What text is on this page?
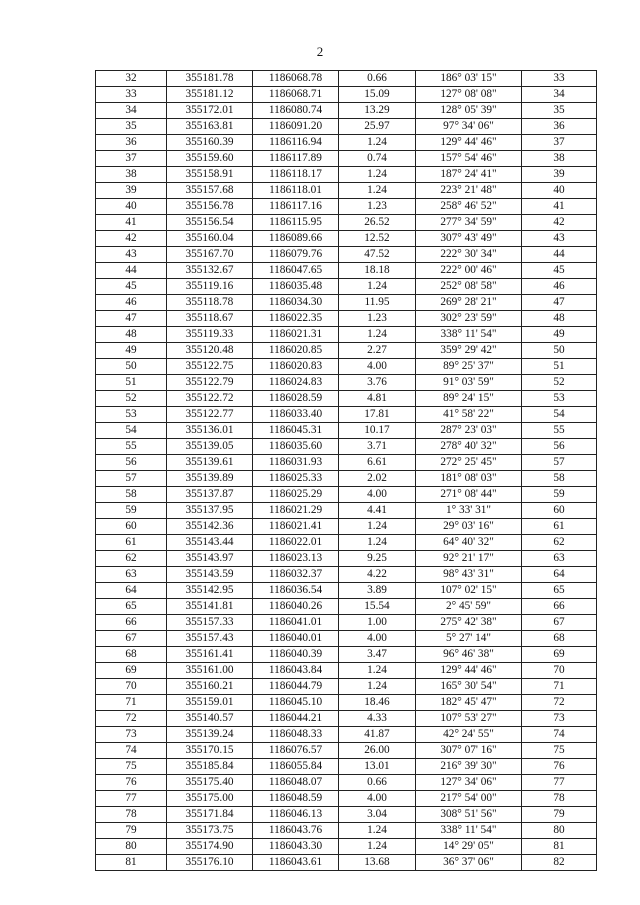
2
32	355181.78	1186068.78	0.66	186° 03' 15"	33
33	355181.12	1186068.71	15.09	127° 08' 08"	34
34	355172.01	1186080.74	13.29	128° 05' 39"	35
35	355163.81	1186091.20	25.97	97° 34' 06"	36
36	355160.39	1186116.94	1.24	129° 44' 46"	37
37	355159.60	1186117.89	0.74	157° 54' 46"	38
38	355158.91	1186118.17	1.24	187° 24' 41"	39
39	355157.68	1186118.01	1.24	223° 21' 48"	40
40	355156.78	1186117.16	1.23	258° 46' 52"	41
41	355156.54	1186115.95	26.52	277° 34' 59"	42
42	355160.04	1186089.66	12.52	307° 43' 49"	43
43	355167.70	1186079.76	47.52	222° 30' 34"	44
44	355132.67	1186047.65	18.18	222° 00' 46"	45
45	355119.16	1186035.48	1.24	252° 08' 58"	46
46	355118.78	1186034.30	11.95	269° 28' 21"	47
47	355118.67	1186022.35	1.23	302° 23' 59"	48
48	355119.33	1186021.31	1.24	338° 11' 54"	49
49	355120.48	1186020.85	2.27	359° 29' 42"	50
50	355122.75	1186020.83	4.00	89° 25' 37"	51
51	355122.79	1186024.83	3.76	91° 03' 59"	52
52	355122.72	1186028.59	4.81	89° 24' 15"	53
53	355122.77	1186033.40	17.81	41° 58' 22"	54
54	355136.01	1186045.31	10.17	287° 23' 03"	55
55	355139.05	1186035.60	3.71	278° 40' 32"	56
56	355139.61	1186031.93	6.61	272° 25' 45"	57
57	355139.89	1186025.33	2.02	181° 08' 03"	58
58	355137.87	1186025.29	4.00	271° 08' 44"	59
59	355137.95	1186021.29	4.41	1° 33' 31"	60
60	355142.36	1186021.41	1.24	29° 03' 16"	61
61	355143.44	1186022.01	1.24	64° 40' 32"	62
62	355143.97	1186023.13	9.25	92° 21' 17"	63
63	355143.59	1186032.37	4.22	98° 43' 31"	64
64	355142.95	1186036.54	3.89	107° 02' 15"	65
65	355141.81	1186040.26	15.54	2° 45' 59"	66
66	355157.33	1186041.01	1.00	275° 42' 38"	67
67	355157.43	1186040.01	4.00	5° 27' 14"	68
68	355161.41	1186040.39	3.47	96° 46' 38"	69
69	355161.00	1186043.84	1.24	129° 44' 46"	70
70	355160.21	1186044.79	1.24	165° 30' 54"	71
71	355159.01	1186045.10	18.46	182° 45' 47"	72
72	355140.57	1186044.21	4.33	107° 53' 27"	73
73	355139.24	1186048.33	41.87	42° 24' 55"	74
74	355170.15	1186076.57	26.00	307° 07' 16"	75
75	355185.84	1186055.84	13.01	216° 39' 30"	76
76	355175.40	1186048.07	0.66	127° 34' 06"	77
77	355175.00	1186048.59	4.00	217° 54' 00"	78
78	355171.84	1186046.13	3.04	308° 51' 56"	79
79	355173.75	1186043.76	1.24	338° 11' 54"	80
80	355174.90	1186043.30	1.24	14° 29' 05"	81
81	355176.10	1186043.61	13.68	36° 37' 06"	82
